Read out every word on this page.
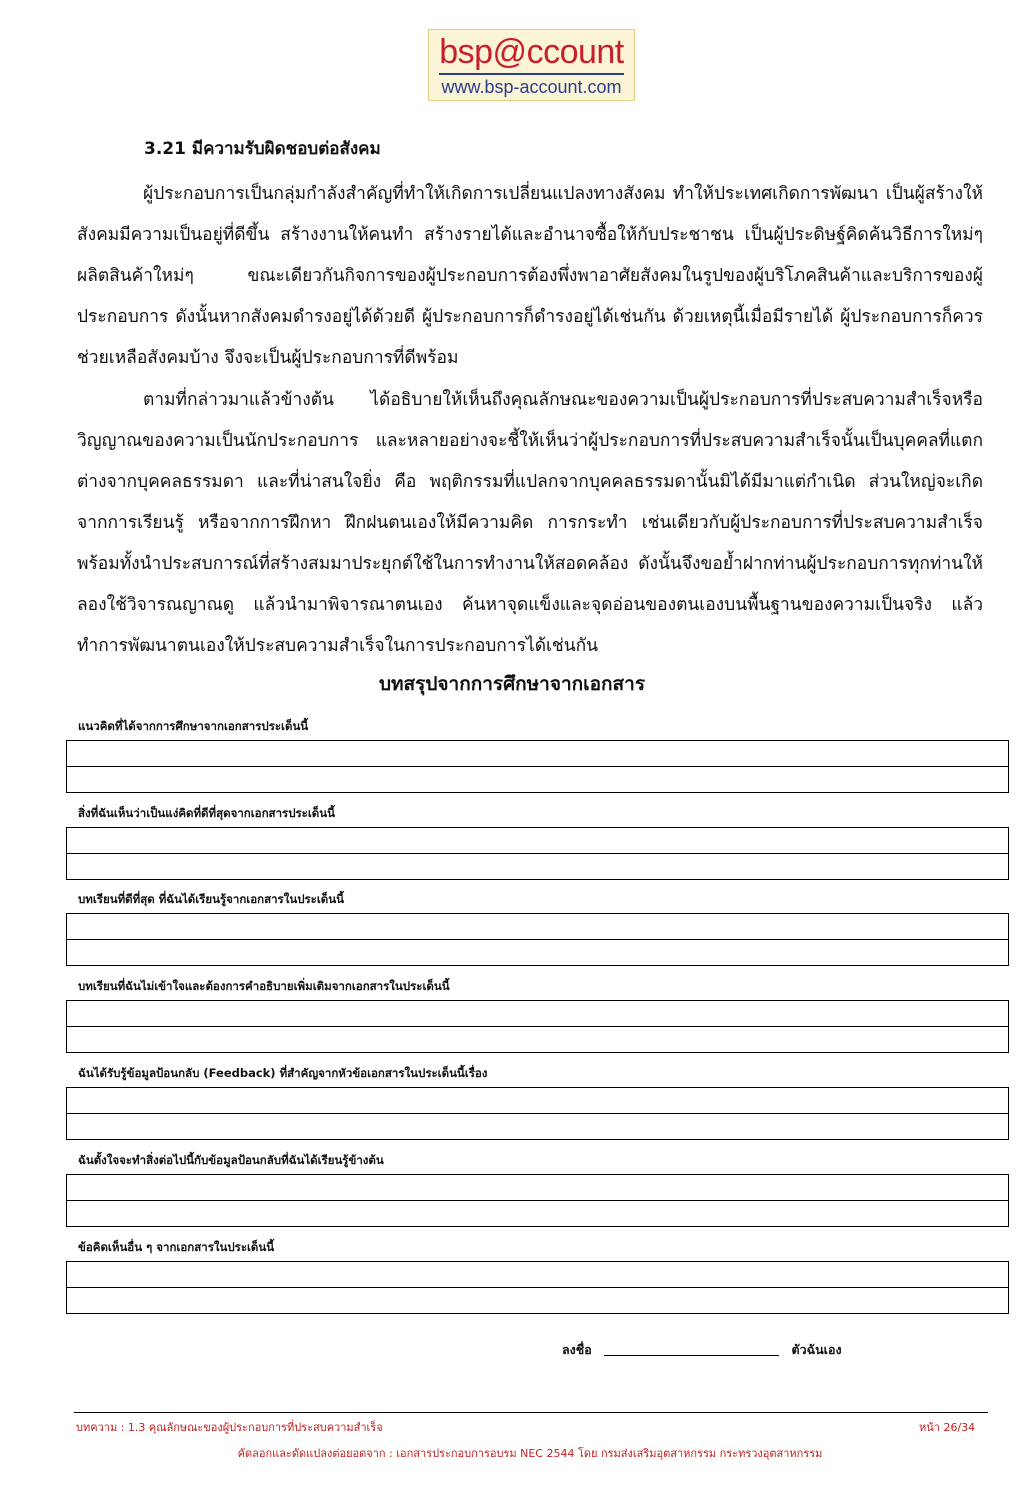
bsp@ccount
www.bsp-account.com
3.21 มีความรับผิดชอบต่อสังคม

ผู้ประกอบการเป็นกลุ่มกำลังสำคัญที่ทำให้เกิดการเปลี่ยนแปลงทางสังคม ทำให้ประเทศเกิดการพัฒนา เป็นผู้สร้างให้สังคมมีความเป็นอยู่ที่ดีขึ้น สร้างงานให้คนทำ สร้างรายได้และอำนาจซื้อให้กับประชาชน เป็นผู้ประดิษฐ์คิดค้นวิธีการใหม่ๆ ผลิตสินค้าใหม่ๆ ขณะเดียวกันกิจการของผู้ประกอบการต้องพึ่งพาอาศัยสังคมในรูปของผู้บริโภคสินค้าและบริการของผู้ประกอบการ ดังนั้นหากสังคมดำรงอยู่ได้ด้วยดี ผู้ประกอบการก็ดำรงอยู่ได้เช่นกัน ด้วยเหตุนี้เมื่อมีรายได้ ผู้ประกอบการก็ควรช่วยเหลือสังคมบ้าง จึงจะเป็นผู้ประกอบการที่ดีพร้อม

ตามที่กล่าวมาแล้วข้างต้น ได้อธิบายให้เห็นถึงคุณลักษณะของความเป็นผู้ประกอบการที่ประสบความสำเร็จหรือวิญญาณของความเป็นนักประกอบการ และหลายอย่างจะชี้ให้เห็นว่าผู้ประกอบการที่ประสบความสำเร็จนั้นเป็นบุคคลที่แตกต่างจากบุคคลธรรมดา และที่น่าสนใจยิ่ง คือ พฤติกรรมที่แปลกจากบุคคลธรรมดานั้นมิได้มีมาแต่กำเนิด ส่วนใหญ่จะเกิดจากการเรียนรู้ หรือจากการฝึกหา ฝึกฝนตนเองให้มีความคิด การกระทำ เช่นเดียวกับผู้ประกอบการที่ประสบความสำเร็จ พร้อมทั้งนำประสบการณ์ที่สร้างสมมาประยุกต์ใช้ในการทำงานให้สอดคล้อง ดังนั้นจึงขอย้ำฝากท่านผู้ประกอบการทุกท่านให้ลองใช้วิจารณญาณดู แล้วนำมาพิจารณาตนเอง ค้นหาจุดแข็งและจุดอ่อนของตนเองบนพื้นฐานของความเป็นจริง แล้วทำการพัฒนาตนเองให้ประสบความสำเร็จในการประกอบการได้เช่นกัน

บทสรุปจากการศึกษาจากเอกสาร
แนวคิดที่ได้จากการศึกษาจากเอกสารประเด็นนี้
สิ่งที่ฉันเห็นว่าเป็นแง่คิดที่ดีที่สุดจากเอกสารประเด็นนี้
บทเรียนที่ดีที่สุด ที่ฉันได้เรียนรู้จากเอกสารในประเด็นนี้
บทเรียนที่ฉันไม่เข้าใจและต้องการคำอธิบายเพิ่มเติมจากเอกสารในประเด็นนี้
ฉันได้รับรู้ข้อมูลป้อนกลับ (Feedback) ที่สำคัญจากหัวข้อเอกสารในประเด็นนี้เรื่อง
ฉันตั้งใจจะทำสิ่งต่อไปนี้กับข้อมูลป้อนกลับที่ฉันได้เรียนรู้ข้างต้น
ข้อคิดเห็นอื่น ๆ จากเอกสารในประเด็นนี้
ลงชื่อ	ตัวฉันเอง
บทความ : 1.3 คุณลักษณะของผู้ประกอบการที่ประสบความสำเร็จ	หน้า 26/34
คัดลอกและดัดแปลงต่อยอดจาก : เอกสารประกอบการอบรม NEC 2544 โดย กรมส่งเสริมอุตสาหกรรม กระทรวงอุตสาหกรรม
